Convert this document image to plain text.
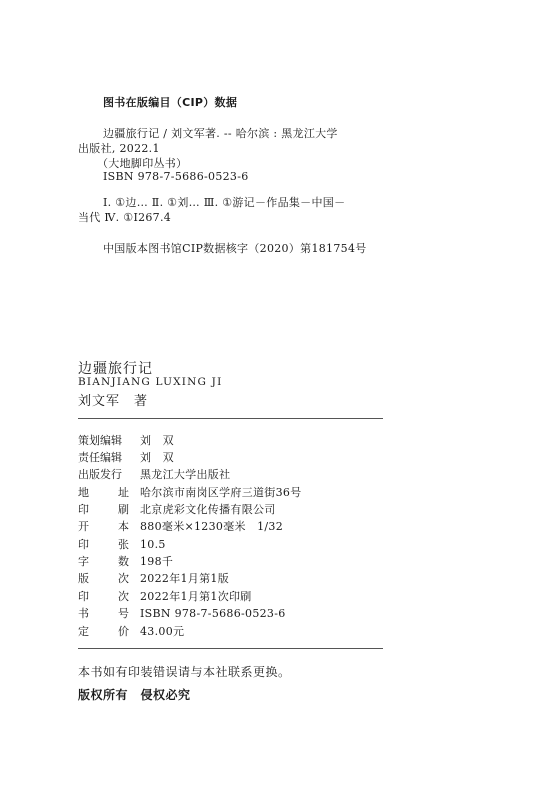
图书在版编目（CIP）数据
边疆旅行记 / 刘文军著. -- 哈尔滨 : 黑龙江大学
出版社, 2022.1
（大地脚印丛书）
ISBN 978-7-5686-0523-6
Ⅰ. ①边… Ⅱ. ①刘… Ⅲ. ①游记－作品集－中国－
当代 Ⅳ. ①I267.4
中国版本图书馆CIP数据核字（2020）第181754号
边疆旅行记
BIANJIANG LUXING JI
刘文军　著
策划编辑 刘　双
责任编辑 刘　双
出版发行 黑龙江大学出版社
地	址 哈尔滨市南岗区学府三道街36号
印	刷 北京虎彩文化传播有限公司
开	本 880毫米×1230毫米　1/32
印	张 10.5
字	数 198千
版	次 2022年1月第1版
印	次 2022年1月第1次印刷
书	号 ISBN 978-7-5686-0523-6
定	价 43.00元
本书如有印装错误请与本社联系更换。
版权所有　侵权必究
